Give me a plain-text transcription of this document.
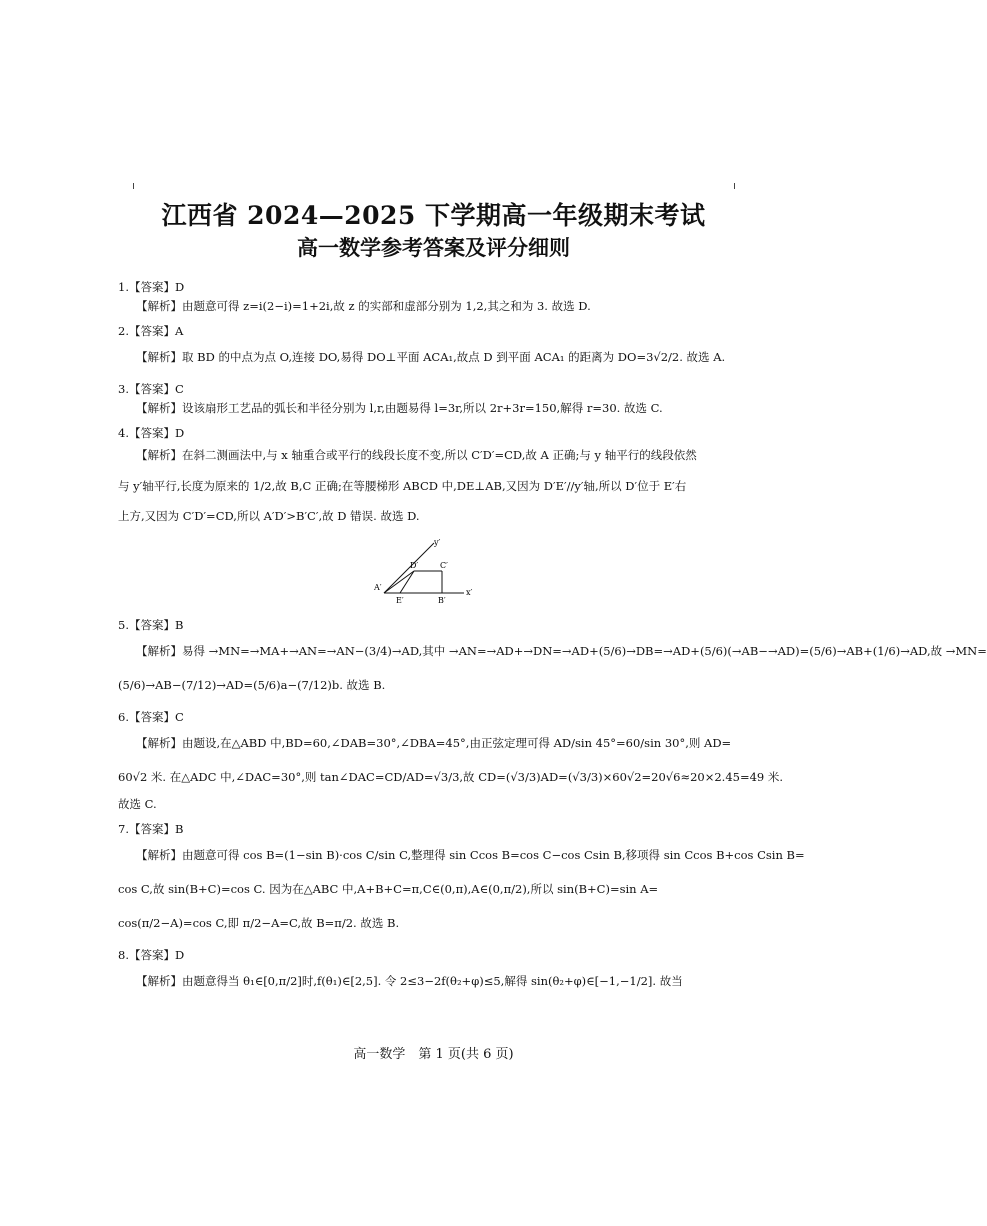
江西省 2024—2025 下学期高一年级期末考试
高一数学参考答案及评分细则
1.【答案】D
【解析】由题意可得 z=i(2−i)=1+2i,故 z 的实部和虚部分别为 1,2,其之和为 3. 故选 D.
2.【答案】A
【解析】取 BD 的中点为点 O,连接 DO,易得 DO⊥平面 ACA₁,故点 D 到平面 ACA₁ 的距离为 DO=3√2/2. 故选 A.
3.【答案】C
【解析】设该扇形工艺品的弧长和半径分别为 l,r,由题易得 l=3r,所以 2r+3r=150,解得 r=30. 故选 C.
4.【答案】D
【解析】在斜二测画法中,与 x 轴重合或平行的线段长度不变,所以 C′D′=CD,故 A 正确;与 y 轴平行的线段依然
与 y′轴平行,长度为原来的 1/2,故 B,C 正确;在等腰梯形 ABCD 中,DE⊥AB,又因为 D′E′//y′轴,所以 D′位于 E′右
上方,又因为 C′D′=CD,所以 A′D′>B′C′,故 D 错误. 故选 D.
y′
x′
A′
D′	C′
E′	B′
5.【答案】B
【解析】易得 →MN=→MA+→AN=→AN−(3/4)→AD,其中 →AN=→AD+→DN=→AD+(5/6)→DB=→AD+(5/6)(→AB−→AD)=(5/6)→AB+(1/6)→AD,故 →MN=
(5/6)→AB−(7/12)→AD=(5/6)a−(7/12)b. 故选 B.
6.【答案】C
【解析】由题设,在△ABD 中,BD=60,∠DAB=30°,∠DBA=45°,由正弦定理可得 AD/sin 45°=60/sin 30°,则 AD=
60√2 米. 在△ADC 中,∠DAC=30°,则 tan∠DAC=CD/AD=√3/3,故 CD=(√3/3)AD=(√3/3)×60√2=20√6≈20×2.45=49 米.
故选 C.
7.【答案】B
【解析】由题意可得 cos B=(1−sin B)·cos C/sin C,整理得 sin Ccos B=cos C−cos Csin B,移项得 sin Ccos B+cos Csin B=
cos C,故 sin(B+C)=cos C. 因为在△ABC 中,A+B+C=π,C∈(0,π),A∈(0,π/2),所以 sin(B+C)=sin A=
cos(π/2−A)=cos C,即 π/2−A=C,故 B=π/2. 故选 B.
8.【答案】D
【解析】由题意得当 θ₁∈[0,π/2]时,f(θ₁)∈[2,5]. 令 2≤3−2f(θ₂+φ)≤5,解得 sin(θ₂+φ)∈[−1,−1/2]. 故当
高一数学　第 1 页(共 6 页)
